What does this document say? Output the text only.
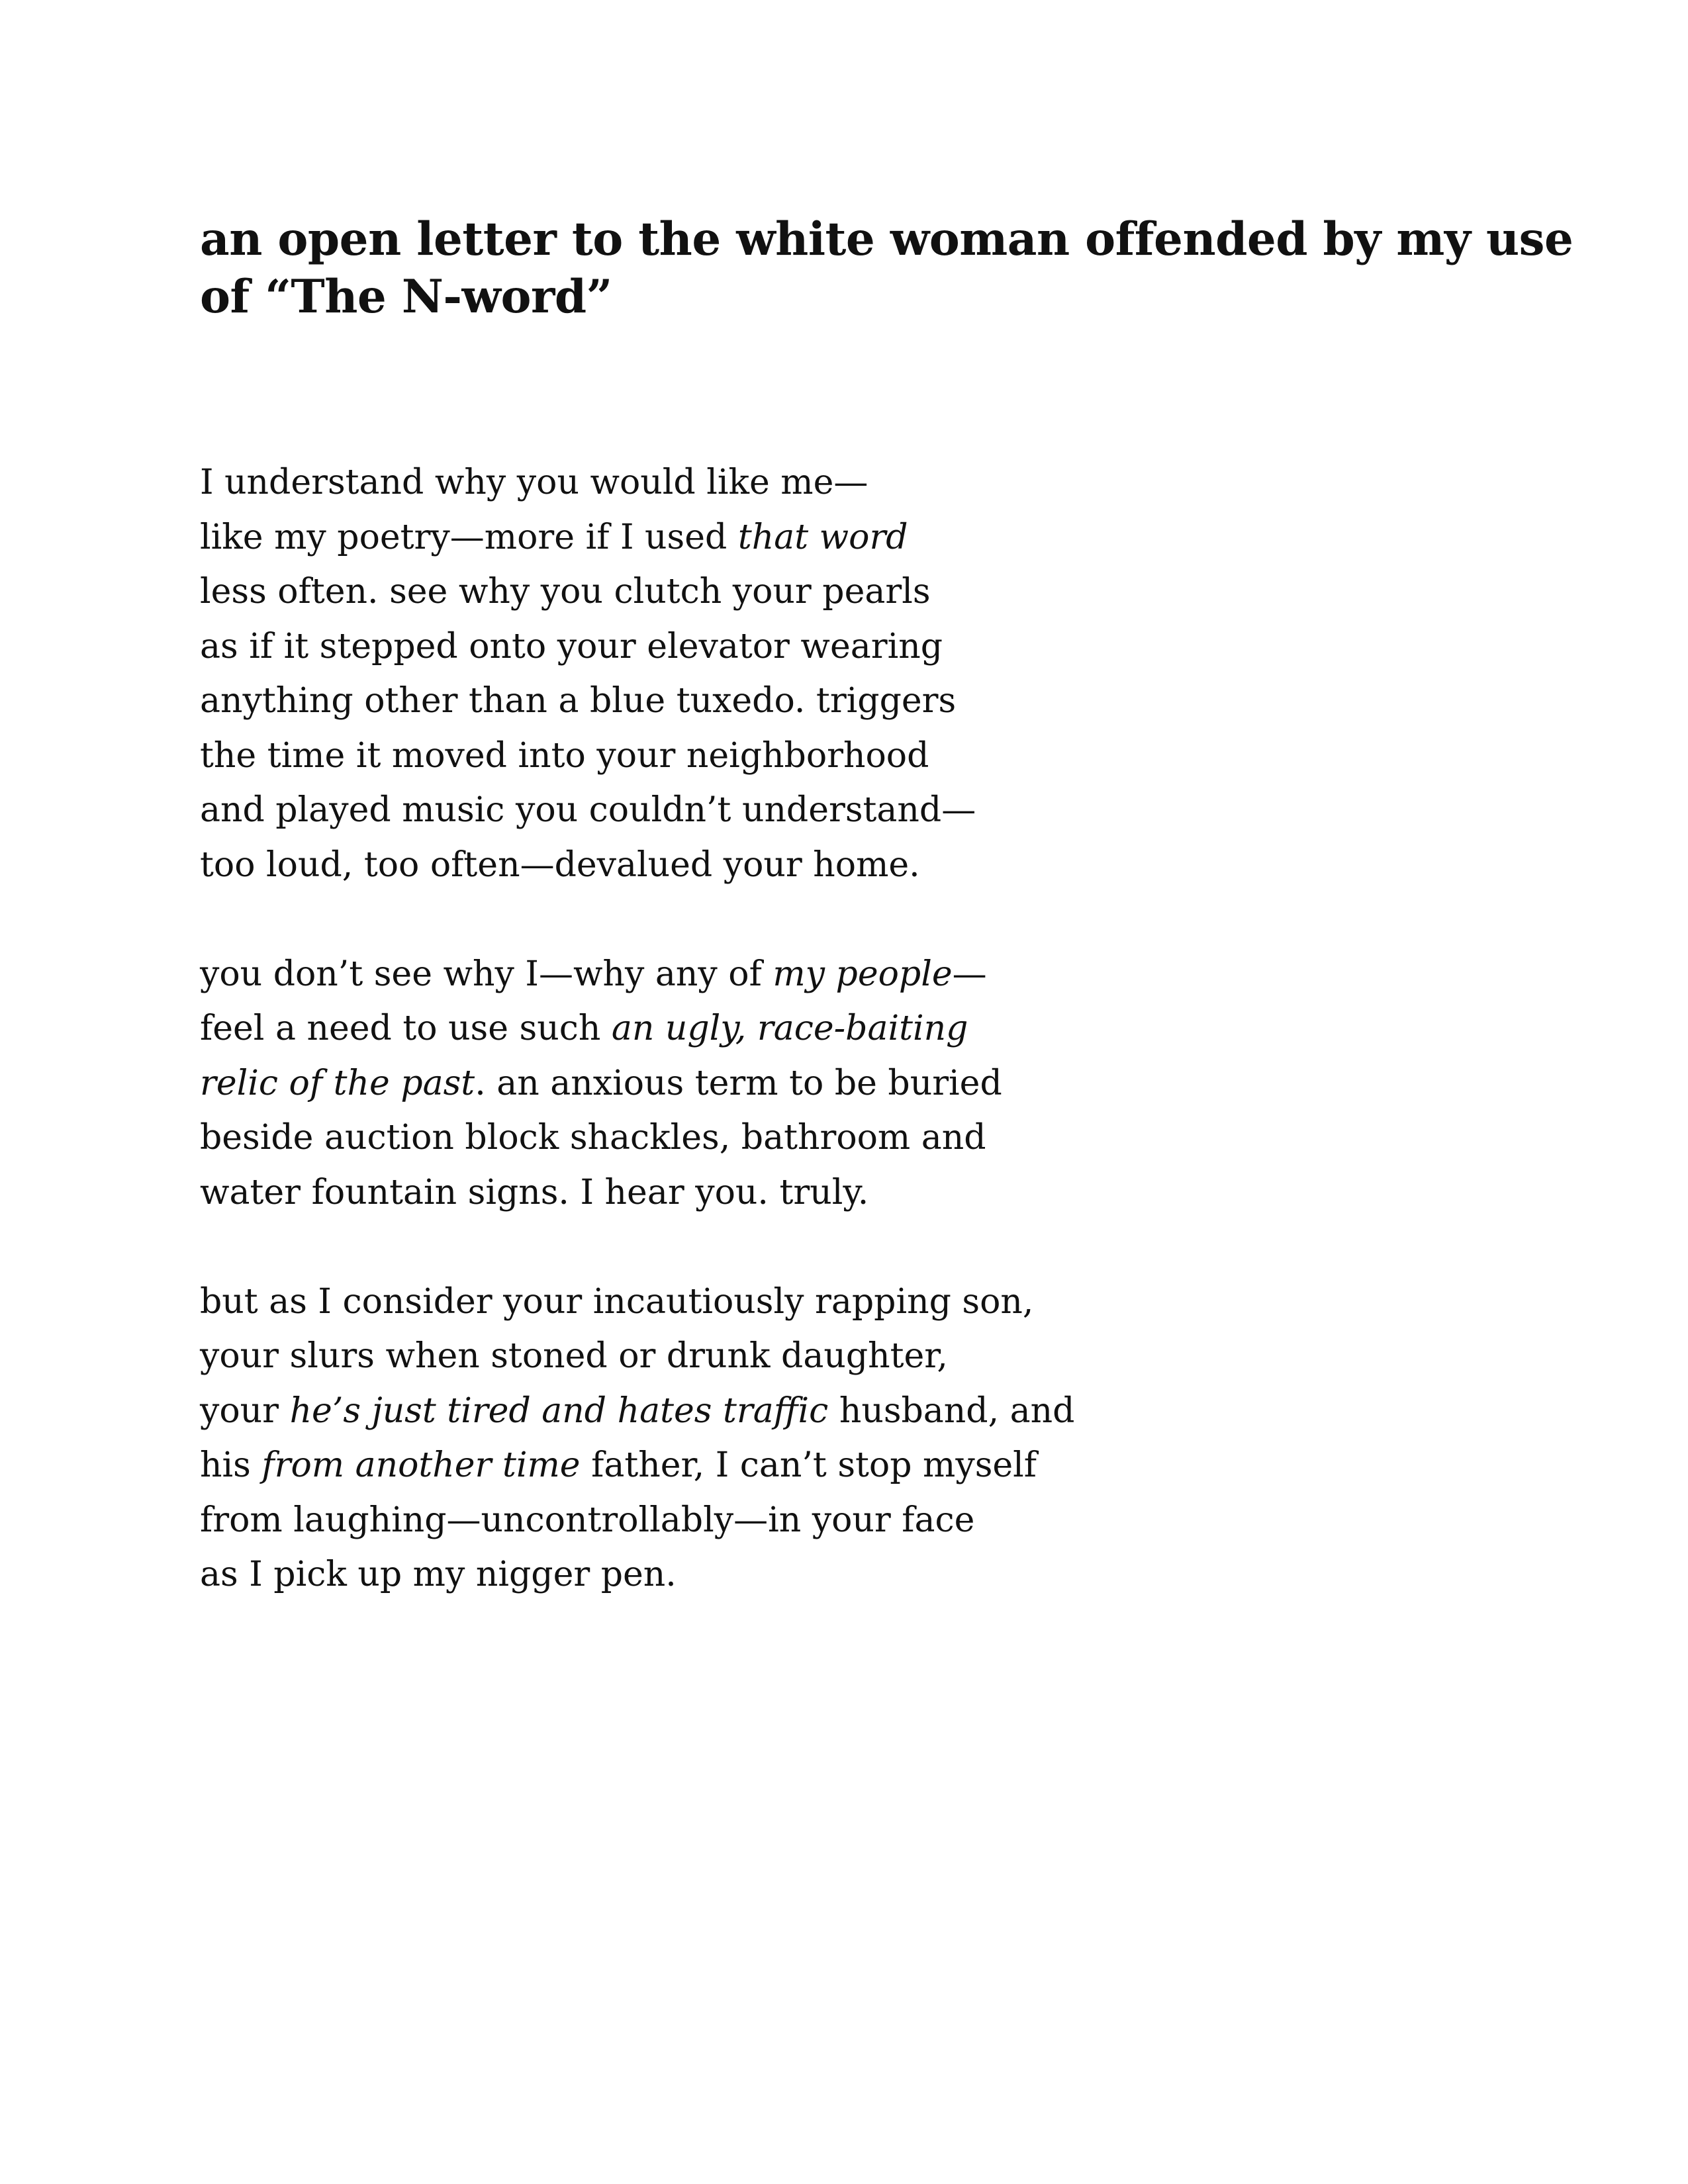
an open letter to the white woman offended by my use
of “The N-word”
I understand why you would like me—
like my poetry—more if I used that word
less often. see why you clutch your pearls
as if it stepped onto your elevator wearing
anything other than a blue tuxedo. triggers
the time it moved into your neighborhood
and played music you couldn’t understand—
too loud, too often—devalued your home.
you don’t see why I—why any of my people—
feel a need to use such an ugly, race-baiting
relic of the past. an anxious term to be buried
beside auction block shackles, bathroom and
water fountain signs. I hear you. truly.
but as I consider your incautiously rapping son,
your slurs when stoned or drunk daughter,
your he’s just tired and hates traffic husband, and
his from another time father, I can’t stop myself
from laughing—uncontrollably—in your face
as I pick up my nigger pen.
